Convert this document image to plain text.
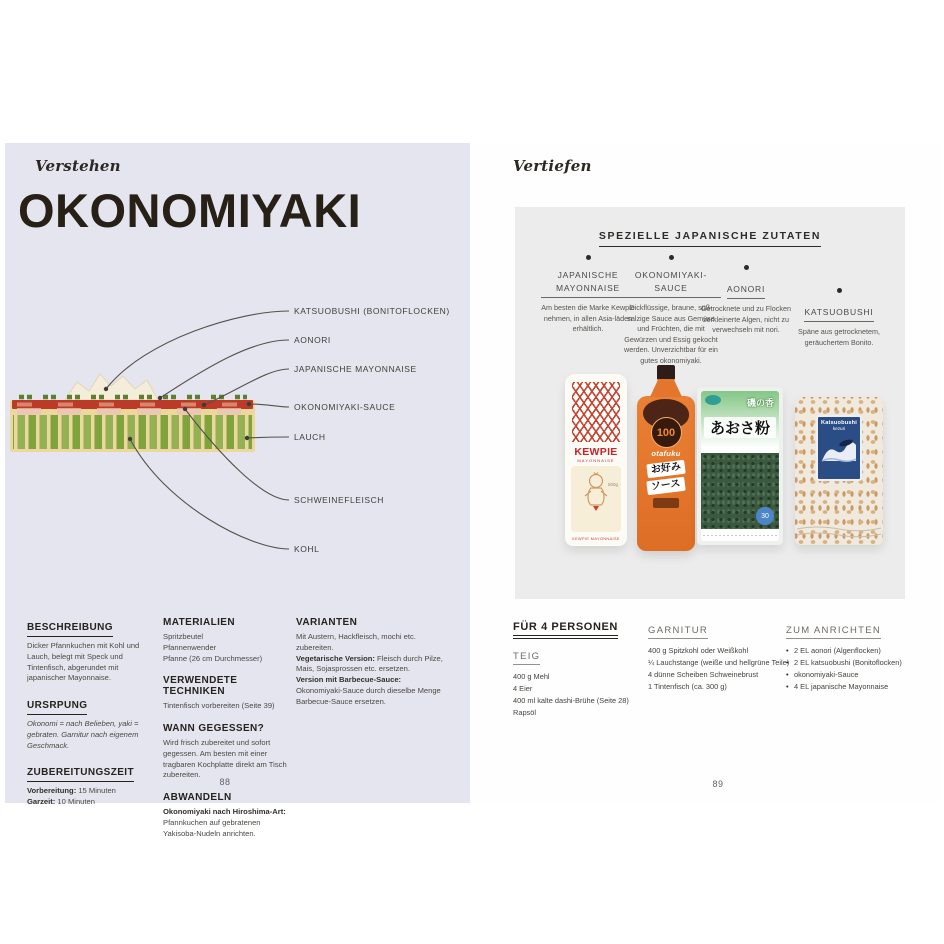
Verstehen
OKONOMIYAKI
KATSUOBUSHI (BONITOFLOCKEN)
AONORI
JAPANISCHE MAYONNAISE
OKONOMIYAKI-SAUCE
LAUCH
SCHWEINEFLEISCH
KOHL
BESCHREIBUNG

Dicker Pfannkuchen mit Kohl und Lauch, belegt mit Speck und Tintenfisch, abgerundet mit japanischer Mayonnaise.

URSRPUNG

Okonomi = nach Belieben, yaki = gebraten. Garnitur nach eigenem Geschmack.

ZUBEREITUNGSZEIT
Vorbereitung: 15 Minuten
Garzeit: 10 Minuten
MATERIALIEN
Spritzbeutel
Pfannenwender
Pfanne (26 cm Durchmesser)
VERWENDETE TECHNIKEN

Tintenfisch vorbereiten (Seite 39)

WANN GEGESSEN?

Wird frisch zubereitet und sofort gegessen. Am besten mit einer tragbaren Kochplatte direkt am Tisch zubereiten.

ABWANDELN

Okonomiyaki nach Hiroshima-Art: Pfannkuchen auf gebratenen Yakisoba-Nudeln anrichten.

VARIANTEN

Mit Austern, Hackfleisch, mochi etc. zubereiten.

Vegetarische Version: Fleisch durch Pilze, Mais, Sojasprossen etc. ersetzen.

Version mit Barbecue-Sauce: Okonomiyaki-Sauce durch dieselbe Menge Barbecue-Sauce ersetzen.

88
Vertiefen
SPEZIELLE JAPANISCHE ZUTATEN
JAPANISCHE MAYONNAISE
Am besten die Marke Kewpie nehmen, in allen Asia-läden erhältlich.
OKONOMIYAKI-SAUCE
Dickflüssige, braune, süß-salzige Sauce aus Gemüse und Früchten, die mit Gewürzen und Essig gekocht werden. Unverzichtbar für ein gutes okonomiyaki.
AONORI
Getrocknete und zu Flocken zerkleinerte Algen, nicht zu verwechseln mit nori.
KATSUOBUSHI
Späne aus getrocknetem, geräuchertem Bonito.
KEWPIE
MAYONNAISE
500g
KEWPIE MAYONNAISE
100
otafuku
お好み
ソース
磯の香
あおさ粉
30
Katsuobushi
kezuri
FÜR 4 PERSONEN
TEIG
400 g Mehl
4 Eier
400 ml kalte dashi-Brühe (Seite 28)
Rapsöl
GARNITUR
400 g Spitzkohl oder Weißkohl
¼ Lauchstange (weiße und hellgrüne Teile)
4 dünne Scheiben Schweinebrust
1 Tintenfisch (ca. 300 g)
ZUM ANRICHTEN
• 2 EL aonori (Algenflocken)
• 2 EL katsuobushi (Bonitoflocken)
• okonomiyaki-Sauce
• 4 EL japanische Mayonnaise
89
